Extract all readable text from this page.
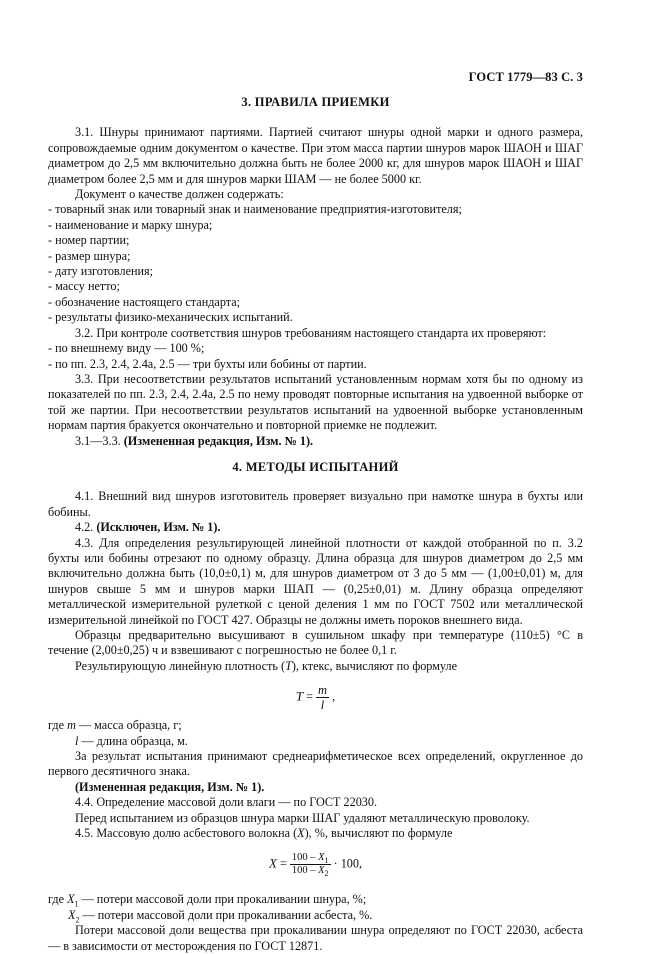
ГОСТ 1779—83 С. 3
3. ПРАВИЛА ПРИЕМКИ

3.1. Шнуры принимают партиями. Партией считают шнуры одной марки и одного размера, сопровождаемые одним документом о качестве. При этом масса партии шнуров марок ШАОН и ШАГ диаметром до 2,5 мм включительно должна быть не более 2000 кг, для шнуров марок ШАОН и ШАГ диаметром более 2,5 мм и для шнуров марки ШАМ — не более 5000 кг.

Документ о качестве должен содержать:

- товарный знак или товарный знак и наименование предприятия-изготовителя;

- наименование и марку шнура;

- номер партии;

- размер шнура;

- дату изготовления;

- массу нетто;

- обозначение настоящего стандарта;

- результаты физико-механических испытаний.

3.2. При контроле соответствия шнуров требованиям настоящего стандарта их проверяют:

- по внешнему виду — 100 %;

- по пп. 2.3, 2.4, 2.4а, 2.5 — три бухты или бобины от партии.

3.3. При несоответствии результатов испытаний установленным нормам хотя бы по одному из показателей по пп. 2.3, 2.4, 2.4а, 2.5 по нему проводят повторные испытания на удвоенной выборке от той же партии. При несоответствии результатов испытаний на удвоенной выборке установленным нормам партия бракуется окончательно и повторной приемке не подлежит.

3.1—3.3. (Измененная редакция, Изм. № 1).

4. МЕТОДЫ ИСПЫТАНИЙ

4.1. Внешний вид шнуров изготовитель проверяет визуально при намотке шнура в бухты или бобины.

4.2. (Исключен, Изм. № 1).

4.3. Для определения результирующей линейной плотности от каждой отобранной по п. 3.2 бухты или бобины отрезают по одному образцу. Длина образца для шнуров диаметром до 2,5 мм включительно должна быть (10,0±0,1) м, для шнуров диаметром от 3 до 5 мм — (1,00±0,01) м, для шнуров свыше 5 мм и шнуров марки ШАП — (0,25±0,01) м. Длину образца определяют металлической измерительной рулеткой с ценой деления 1 мм по ГОСТ 7502 или металлической измерительной линейкой по ГОСТ 427. Образцы не должны иметь пороков внешнего вида.

Образцы предварительно высушивают в сушильном шкафу при температуре (110±5) °С в течение (2,00±0,25) ч и взвешивают с погрешностью не более 0,1 г.

Результирующую линейную плотность (T), ктекс, вычисляют по формуле

$T = \frac{m}{l}$ ,

где m — масса образца, г;

l — длина образца, м.

За результат испытания принимают среднеарифметическое всех определений, округленное до первого десятичного знака.

(Измененная редакция, Изм. № 1).

4.4. Определение массовой доли влаги — по ГОСТ 22030.

Перед испытанием из образцов шнура марки ШАГ удаляют металлическую проволоку.

4.5. Массовую долю асбестового волокна (X), %, вычисляют по формуле

$X = \frac{100 - X_1}{100 - X_2} \cdot 100$,

где $X_1$ — потери массовой доли при прокаливании шнура, %;

$X_2$ — потери массовой доли при прокаливании асбеста, %.

Потери массовой доли вещества при прокаливании шнура определяют по ГОСТ 22030, асбеста — в зависимости от месторождения по ГОСТ 12871.
